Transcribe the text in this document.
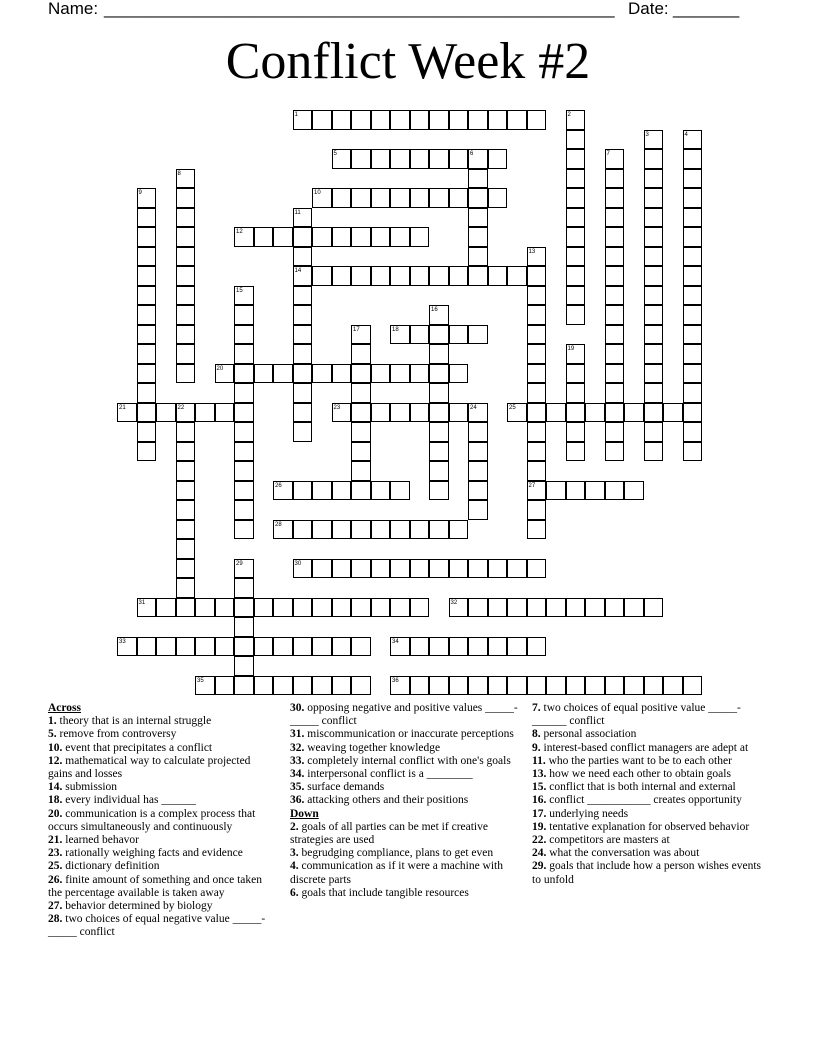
Name: ______________________________________________________ Date: _______
Conflict Week #2
1
5
10
12
14
18
20
21	23	25
26	27
28
30
31	32
33	34
35	36
2
3	4
6	7
8
9
11
13
15
16
17
19
22	24
29
Across
1. theory that is an internal struggle
5. remove from controversy
10. event that precipitates a conflict
12. mathematical way to calculate projected gains and losses
14. submission
18. every individual has ______
20. communication is a complex process that occurs simultaneously and continuously
21. learned behavor
23. rationally weighing facts and evidence
25. dictionary definition
26. finite amount of something and once taken the percentage available is taken away
27. behavior determined by biology
28. two choices of equal negative value _____-_____ conflict
30. opposing negative and positive values _____-_____ conflict
31. miscommunication or inaccurate perceptions
32. weaving together knowledge
33. completely internal conflict with one's goals
34. interpersonal conflict is a ________
35. surface demands
36. attacking others and their positions
Down
2. goals of all parties can be met if creative strategies are used
3. begrudging compliance, plans to get even
4. communication as if it were a machine with discrete parts
6. goals that include tangible resources
7. two choices of equal positive value _____-______ conflict
8. personal association
9. interest-based conflict managers are adept at
11. who the parties want to be to each other
13. how we need each other to obtain goals
15. conflict that is both internal and external
16. conflict ___________ creates opportunity
17. underlying needs
19. tentative explanation for observed behavior
22. competitors are masters at
24. what the conversation was about
29. goals that include how a person wishes events to unfold
